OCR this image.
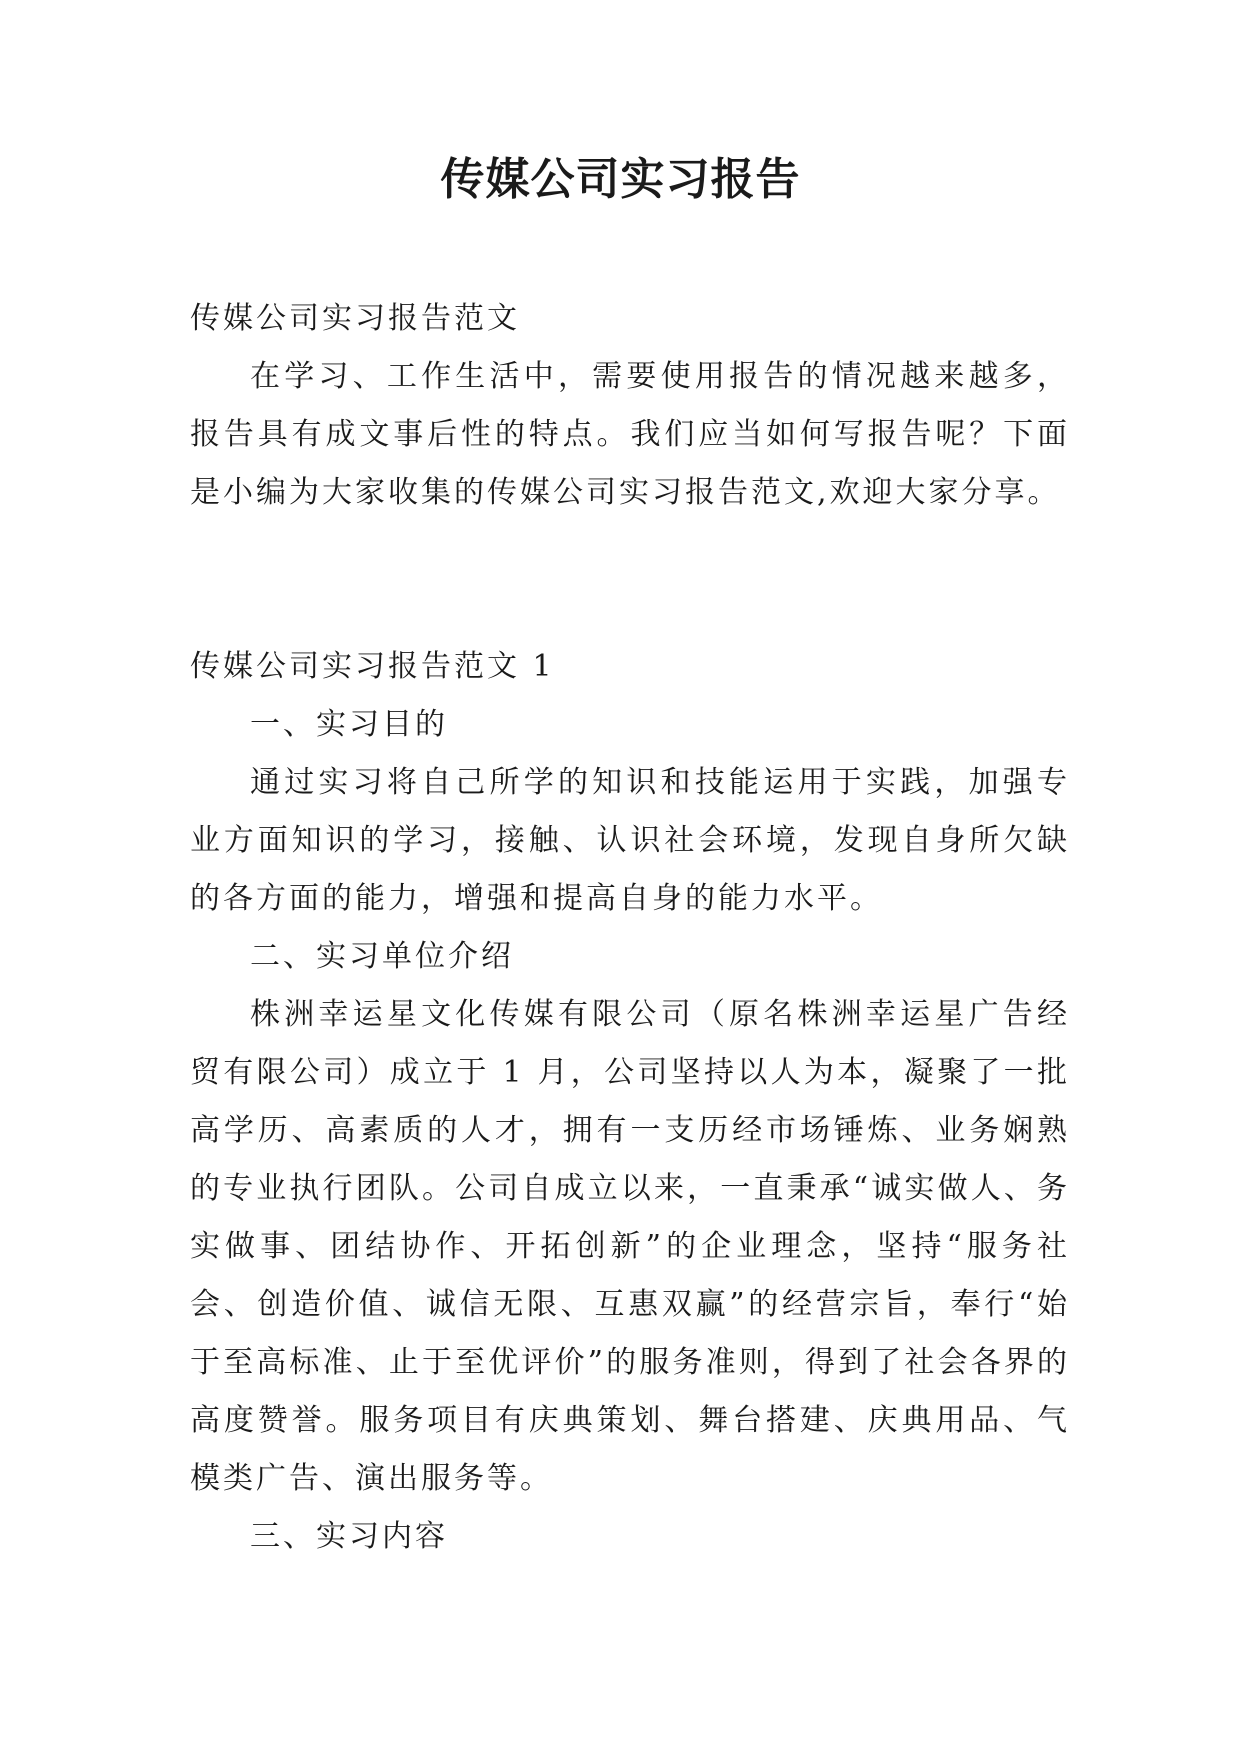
传媒公司实习报告

传媒公司实习报告范文

在学习、工作生活中，需要使用报告的情况越来越多，报告具有成文事后性的特点。我们应当如何写报告呢？下面是小编为大家收集的传媒公司实习报告范文,欢迎大家分享。

传媒公司实习报告范文 1

一、实习目的

通过实习将自己所学的知识和技能运用于实践，加强专业方面知识的学习，接触、认识社会环境，发现自身所欠缺的各方面的能力，增强和提高自身的能力水平。

二、实习单位介绍

株洲幸运星文化传媒有限公司（原名株洲幸运星广告经贸有限公司）成立于 1 月，公司坚持以人为本，凝聚了一批高学历、高素质的人才，拥有一支历经市场锤炼、业务娴熟的专业执行团队。公司自成立以来，一直秉承“诚实做人、务实做事、团结协作、开拓创新”的企业理念，坚持“服务社会、创造价值、诚信无限、互惠双赢”的经营宗旨，奉行“始于至高标准、止于至优评价”的服务准则，得到了社会各界的高度赞誉。服务项目有庆典策划、舞台搭建、庆典用品、气模类广告、演出服务等。

三、实习内容
